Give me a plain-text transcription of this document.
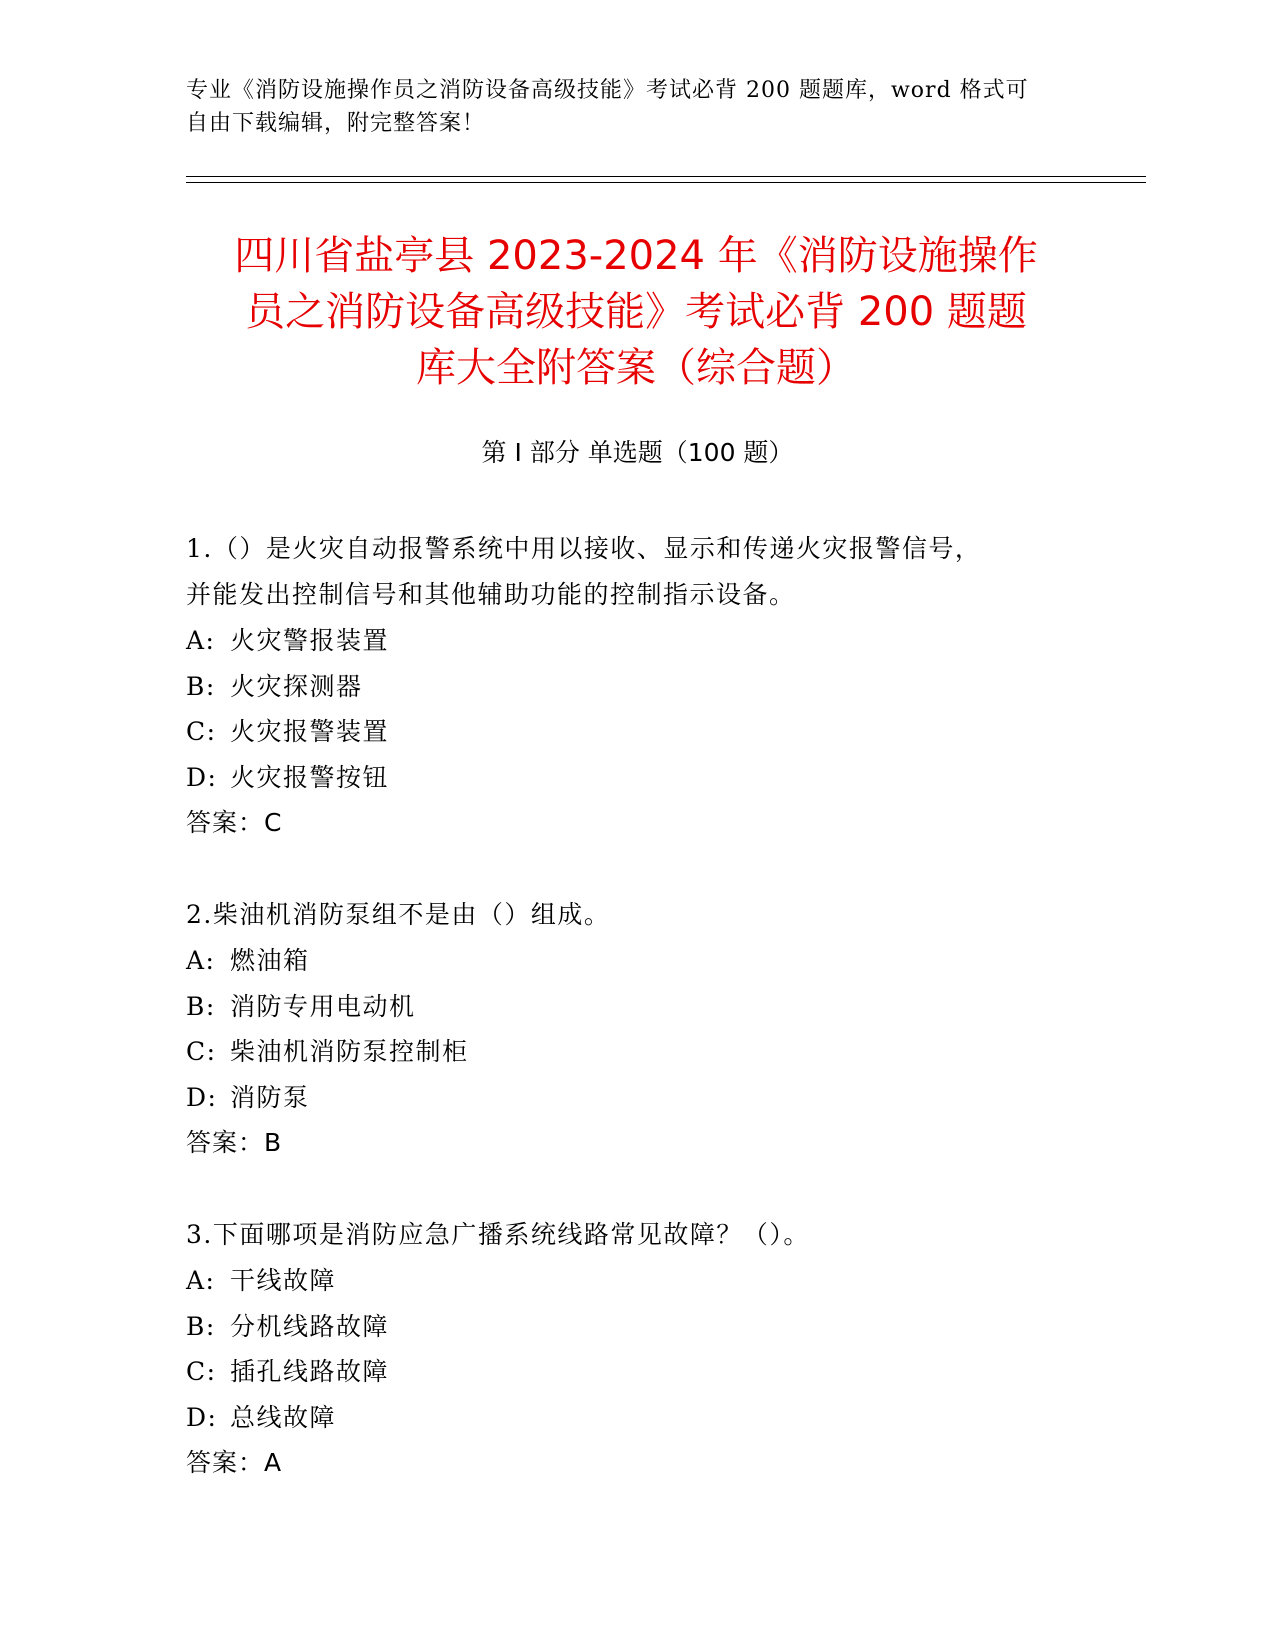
专业《消防设施操作员之消防设备高级技能》考试必背 200 题题库，word 格式可
自由下载编辑，附完整答案！
四川省盐亭县 2023-2024 年《消防设施操作
员之消防设备高级技能》考试必背 200 题题
库大全附答案（综合题）
第 I 部分 单选题（100 题）
1.（）是火灾自动报警系统中用以接收、显示和传递火灾报警信号，
并能发出控制信号和其他辅助功能的控制指示设备。
A: 火灾警报装置
B: 火灾探测器
C: 火灾报警装置
D: 火灾报警按钮
答案：C
2.柴油机消防泵组不是由（）组成。
A: 燃油箱
B: 消防专用电动机
C: 柴油机消防泵控制柜
D: 消防泵
答案：B
3.下面哪项是消防应急广播系统线路常见故障？（）。
A: 干线故障
B: 分机线路故障
C: 插孔线路故障
D: 总线故障
答案：A
